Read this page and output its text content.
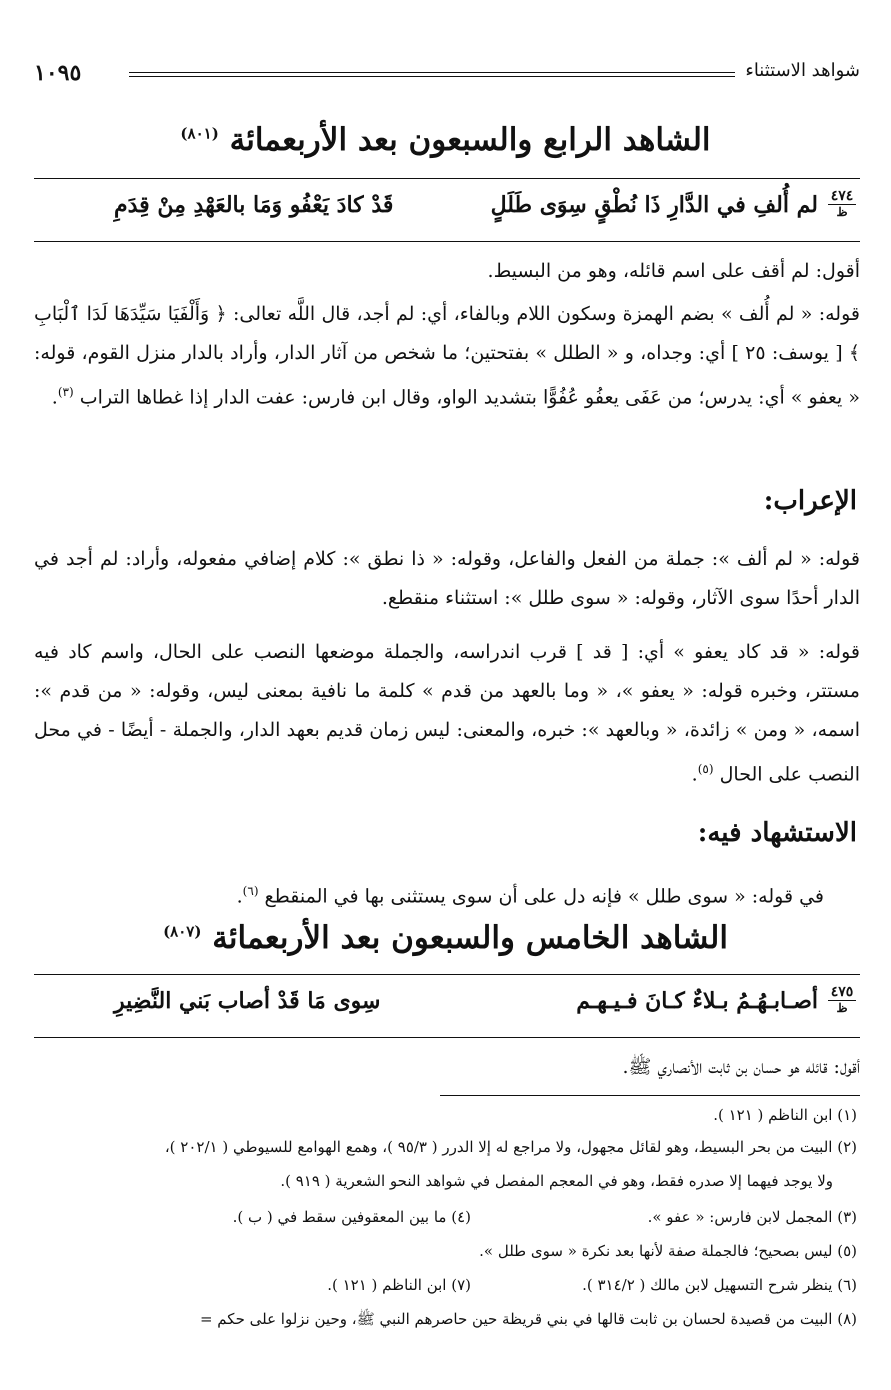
شواهد الاستثناء
١٠٩٥
الشاهد الرابع والسبعون بعد الأربعمائة $^{(٨٠١)}$
٤٧٤
ظ
لم أُلفِ في الدَّارِ ذَا نُطْقٍ سِوَى طَلَلٍ
قَدْ كادَ يَعْفُو وَمَا بالعَهْدِ مِنْ قِدَمِ
أقول: لم أقف على اسم قائله، وهو من البسيط.
قوله: « لم أُلف » بضم الهمزة وسكون اللام وبالفاء، أي: لم أجد، قال اللَّه تعالى: ﴿ وَأَلْفَيَا سَيِّدَهَا لَدَا ٱلْبَابِ ﴾ [ يوسف: ٢٥ ] أي: وجداه، و « الطلل » بفتحتين؛ ما شخص من آثار الدار، وأراد بالدار منزل القوم، قوله: « يعفو » أي: يدرس؛ من عَفَى يعفُو عُفُوًّا بتشديد الواو، وقال ابن فارس: عفت الدار إذا غطاها التراب $^{(٣)}$.
الإعراب:
قوله: « لم ألف »: جملة من الفعل والفاعل، وقوله: « ذا نطق »: كلام إضافي مفعوله، وأراد: لم أجد في الدار أحدًا سوى الآثار، وقوله: « سوى طلل »: استثناء منقطع.
قوله: « قد كاد يعفو » أي: [ قد ] قرب اندراسه، والجملة موضعها النصب على الحال، واسم كاد فيه مستتر، وخبره قوله: « يعفو »، « وما بالعهد من قدم » كلمة ما نافية بمعنى ليس، وقوله: « من قدم »: اسمه، « ومن » زائدة، « وبالعهد »: خبره، والمعنى: ليس زمان قديم بعهد الدار، والجملة - أيضًا - في محل النصب على الحال $^{(٥)}$.
الاستشهاد فيه:
في قوله: « سوى طلل » فإنه دل على أن سوى يستثنى بها في المنقطع $^{(٦)}$.
الشاهد الخامس والسبعون بعد الأربعمائة $^{(٨٠٧)}$
٤٧٥
ظ
أصـابـهُـمُ بـلاءٌ كـانَ فـيـهـم
سِوى مَا قَدْ أصاب بَني النَّضِيرِ
أقول: قائله هو حسان بن ثابت الأنصاري ﷺ.
(١) ابن الناظم ( ١٢١ ).
(٢) البيت من بحر البسيط، وهو لقائل مجهول، ولا مراجع له إلا الدرر ( ٩٥/٣ )، وهمع الهوامع للسيوطي ( ٢٠٢/١ )،
ولا يوجد فيهما إلا صدره فقط، وهو في المعجم المفصل في شواهد النحو الشعرية ( ٩١٩ ).
(٣) المجمل لابن فارس: « عفو ».
(٤) ما بين المعقوفين سقط في ( ب ).
(٥) ليس بصحيح؛ فالجملة صفة لأنها بعد نكرة « سوى طلل ».
(٦) ينظر شرح التسهيل لابن مالك ( ٣١٤/٢ ).
(٧) ابن الناظم ( ١٢١ ).
(٨) البيت من قصيدة لحسان بن ثابت قالها في بني قريظة حين حاصرهم النبي ﷺ، وحين نزلوا على حكم =
